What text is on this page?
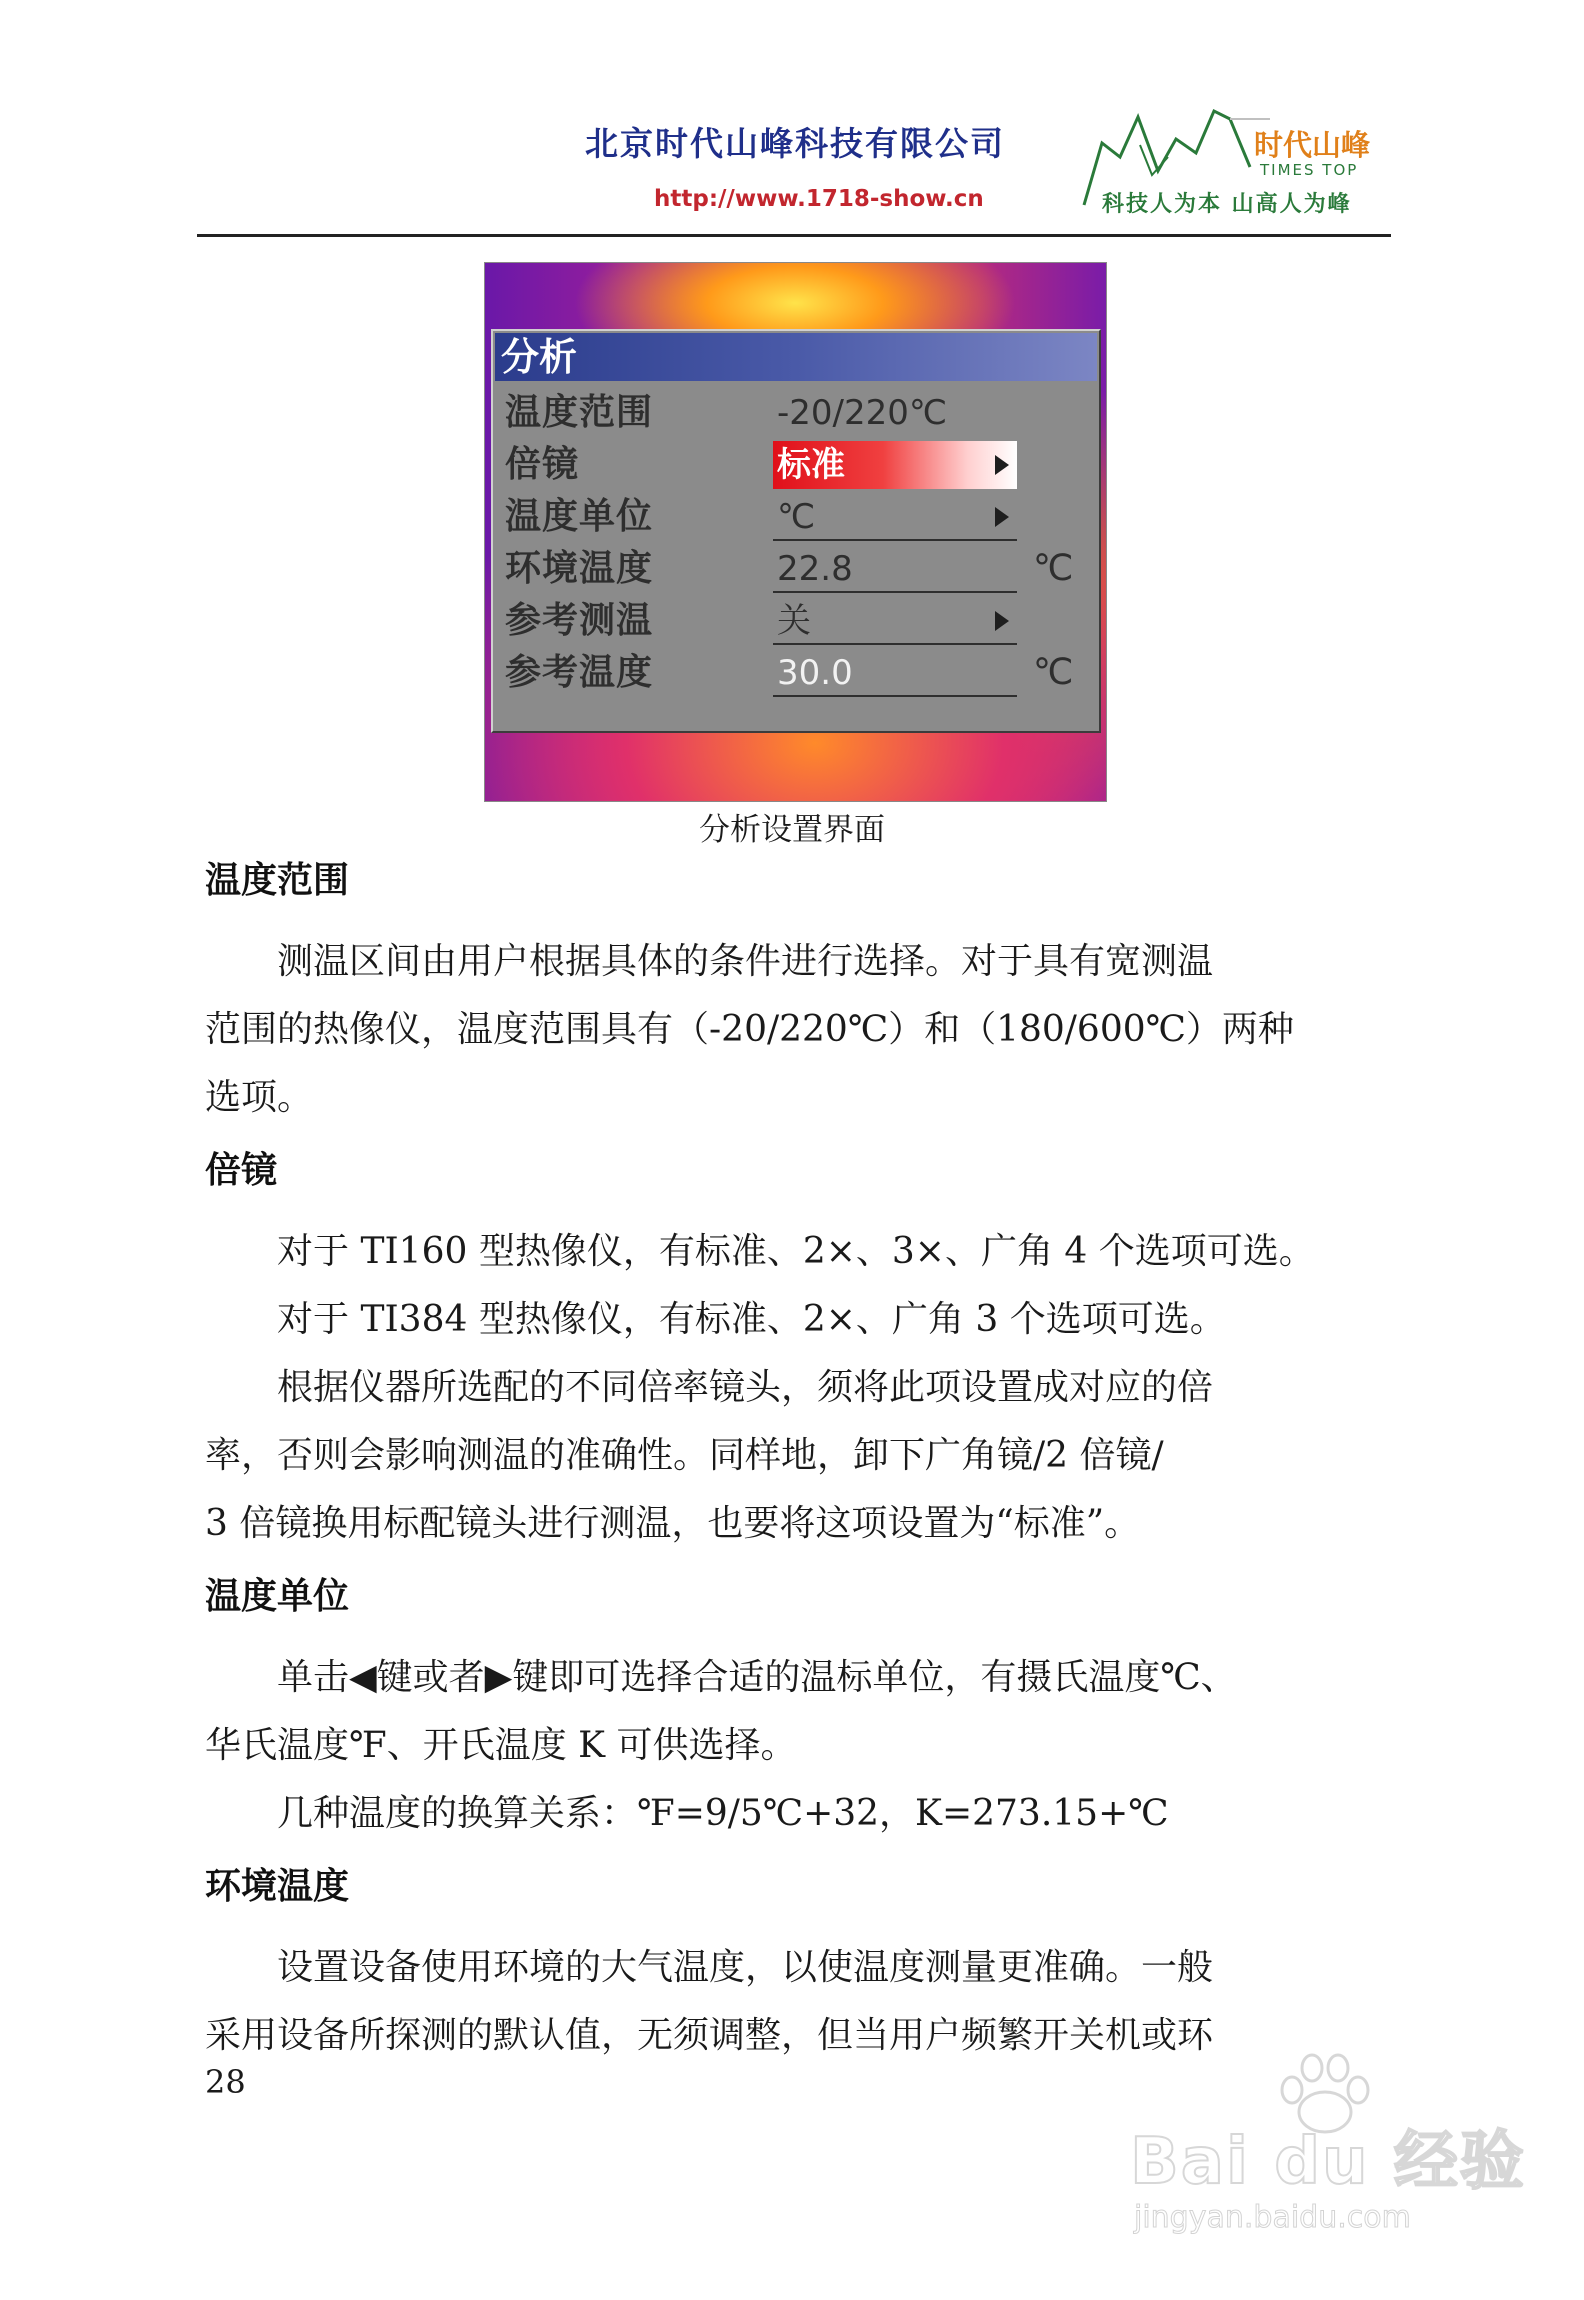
北京时代山峰科技有限公司
http://www.1718-show.cn
时代山峰
TIMES TOP
科技人为本 山高人为峰
分析
温度范围	-20/220℃
倍镜	标准
温度单位	℃
环境温度	22.8	℃
参考测温	关
参考温度	30.0	℃
分析设置界面
温度范围
测温区间由用户根据具体的条件进行选择。对于具有宽测温
范围的热像仪，温度范围具有（-20/220℃）和（180/600℃）两种
选项。
倍镜
对于 TI160 型热像仪，有标准、2×、3×、广角 4 个选项可选。
对于 TI384 型热像仪，有标准、2×、广角 3 个选项可选。
根据仪器所选配的不同倍率镜头，须将此项设置成对应的倍
率，否则会影响测温的准确性。同样地，卸下广角镜/2 倍镜/
3 倍镜换用标配镜头进行测温，也要将这项设置为“标准”。
温度单位
单击◀键或者▶键即可选择合适的温标单位，有摄氏温度℃、
华氏温度℉、开氏温度 K 可供选择。
几种温度的换算关系：℉=9/5℃+32，K=273.15+℃
环境温度
设置设备使用环境的大气温度，以使温度测量更准确。一般
采用设备所探测的默认值，无须调整，但当用户频繁开关机或环
28
Bai du 经验
jingyan.baidu.com
